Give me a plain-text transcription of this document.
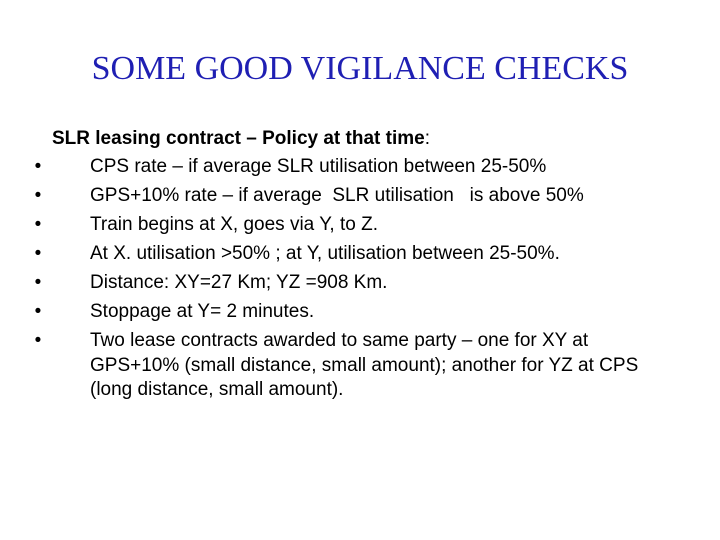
SOME GOOD VIGILANCE CHECKS
SLR leasing contract – Policy at that time:
•	CPS rate – if average SLR utilisation between 25-50%
•	GPS+10% rate – if average  SLR utilisation   is above 50%
•	Train begins at X, goes via Y, to Z.
•	At X. utilisation >50% ; at Y, utilisation between 25-50%.
•	Distance: XY=27 Km; YZ =908 Km.
•	Stoppage at Y= 2 minutes.
•	Two lease contracts awarded to same party – one for XY at GPS+10% (small distance, small amount); another for YZ at CPS (long distance, small amount).
